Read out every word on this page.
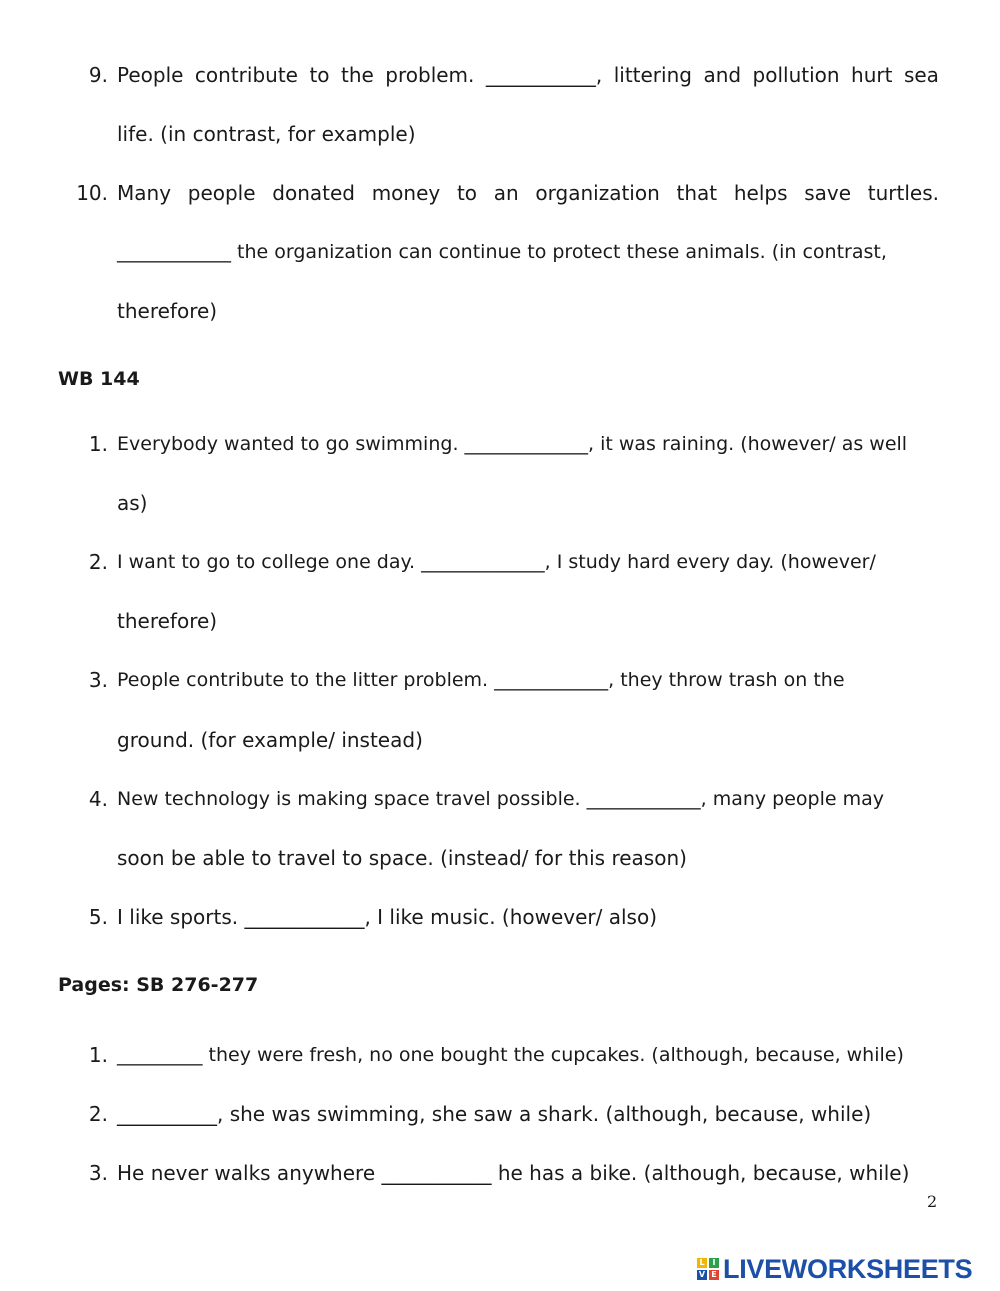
9. People contribute to the problem. ___________, littering and pollution hurt sea
life. (in contrast, for example)
10. Many people donated money to an organization that helps save turtles.
____________ the organization can continue to protect these animals. (in contrast,
therefore)
WB 144
1. Everybody wanted to go swimming. _____________, it was raining. (however/ as well
as)
2. I want to go to college one day. _____________, I study hard every day. (however/
therefore)
3. People contribute to the litter problem. ____________, they throw trash on the
ground. (for example/ instead)
4. New technology is making space travel possible. ____________, many people may
soon be able to travel to space. (instead/ for this reason)
5. I like sports. ____________, I like music. (however/ also)
Pages: SB 276-277
1. _________ they were fresh, no one bought the cupcakes. (although, because, while)
2. __________, she was swimming, she saw a shark. (although, because, while)
3. He never walks anywhere ___________ he has a bike. (although, because, while)
2
L I
V E LIVEWORKSHEETS
